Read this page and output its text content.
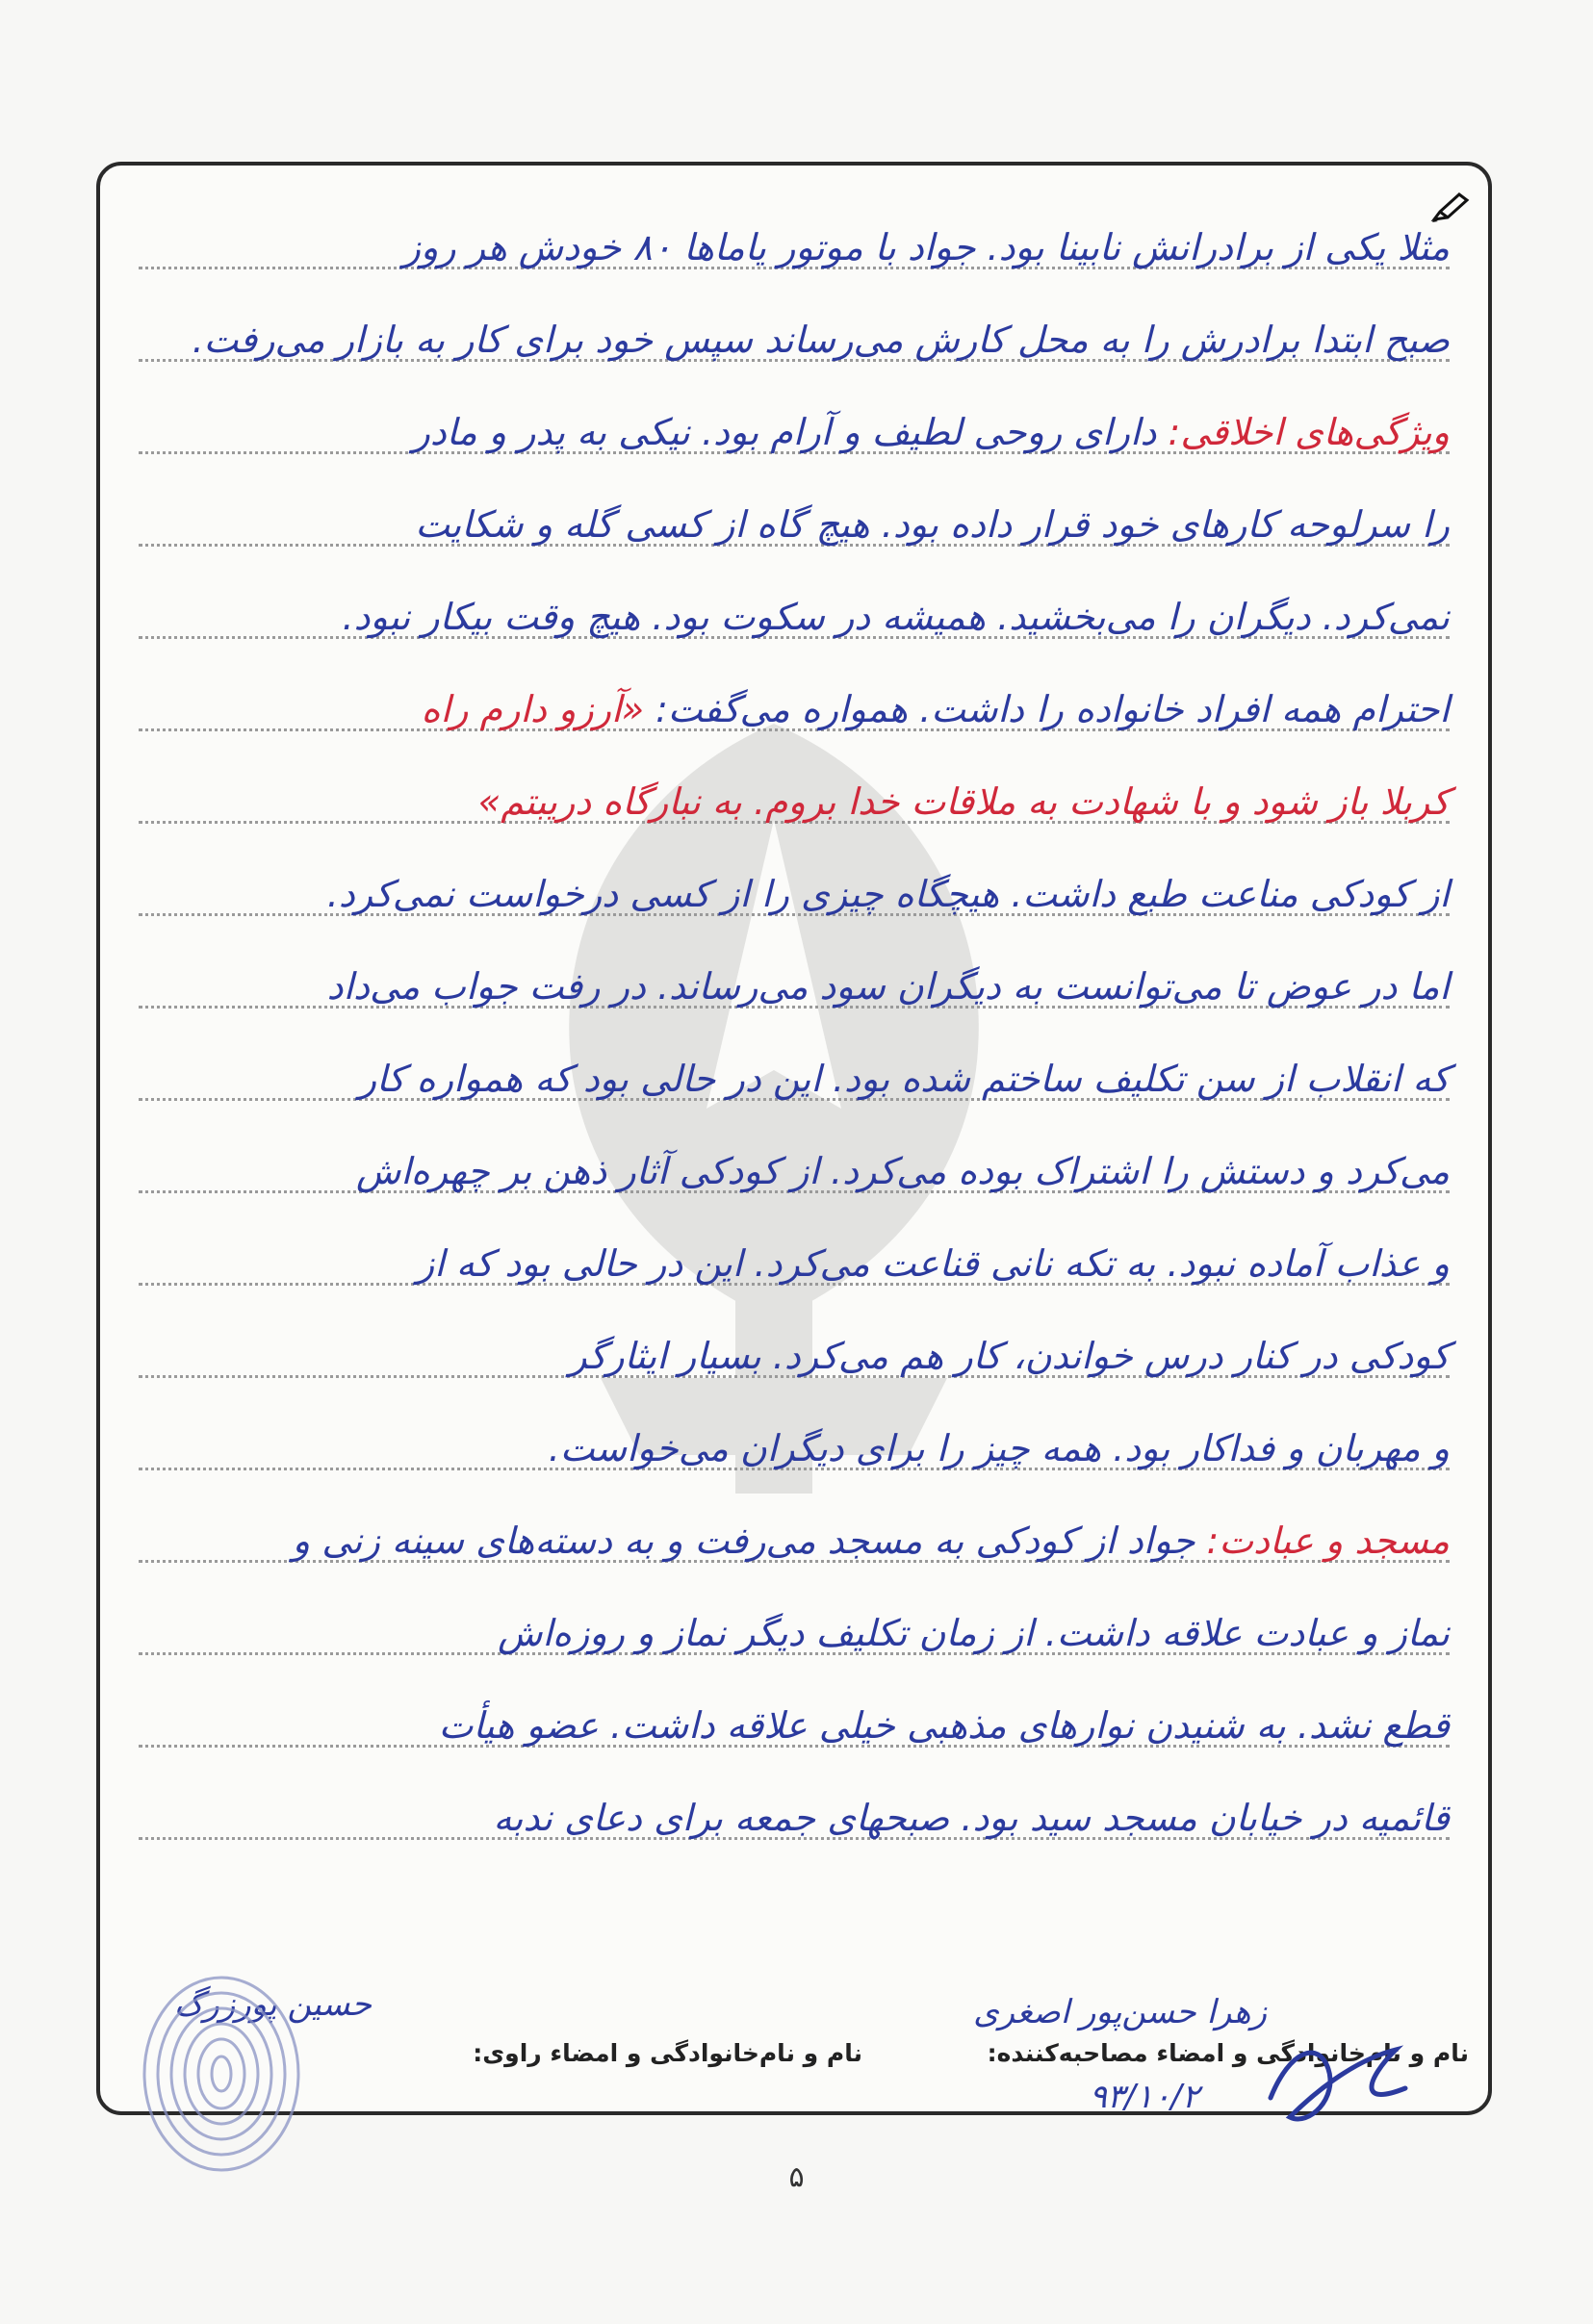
مثلا یکی از برادرانش نابینا بود. جواد با موتور یاماها ۸۰ خودش هر روز
صبح ابتدا برادرش را به محل کارش می‌رساند سپس خود برای کار به بازار می‌رفت.
ویژگی‌های اخلاقی: دارای روحی لطیف و آرام بود. نیکی به پدر و مادر
را سرلوحه کارهای خود قرار داده بود. هیچ گاه از کسی گله و شکایت
نمی‌کرد. دیگران را می‌بخشید. همیشه در سکوت بود. هیچ وقت بیکار نبود.
احترام همه افراد خانواده را داشت. همواره می‌گفت: «آرزو دارم راه
کربلا باز شود و با شهادت به ملاقات خدا بروم. به نبارگاه دریبتم»
از کودکی مناعت طبع داشت. هیچگاه چیزی را از کسی درخواست نمی‌کرد.
اما در عوض تا می‌توانست به دیگران سود می‌رساند. در رفت جواب می‌داد
که انقلاب از سن تکلیف ساختم شده بود. این در حالی بود که همواره کار
می‌کرد و دستش را اشتراک بوده می‌کرد. از کودکی آثار ذهن بر چهره‌اش
و عذاب آماده نبود. به تکه نانی قناعت می‌کرد. این در حالی بود که از
کودکی در کنار درس خواندن، کار هم می‌کرد. بسیار ایثارگر
و مهربان و فداکار بود. همه چیز را برای دیگران می‌خواست.
مسجد و عبادت: جواد از کودکی به مسجد می‌رفت و به دسته‌های سینه زنی و
نماز و عبادت علاقه داشت. از زمان تکلیف دیگر نماز و روزه‌اش
قطع نشد. به شنیدن نوارهای مذهبی خیلی علاقه داشت. عضو هیأت
قائمیه در خیابان مسجد سید بود. صبحهای جمعه برای دعای ندبه
نام و نام‌خانوادگی و امضاء مصاحبه‌کننده:
نام و نام‌خانوادگی و امضاء راوی:
زهرا حسن‌پور اصغری
حسین پورزرگ
۹۳/۱۰/۲
۵
